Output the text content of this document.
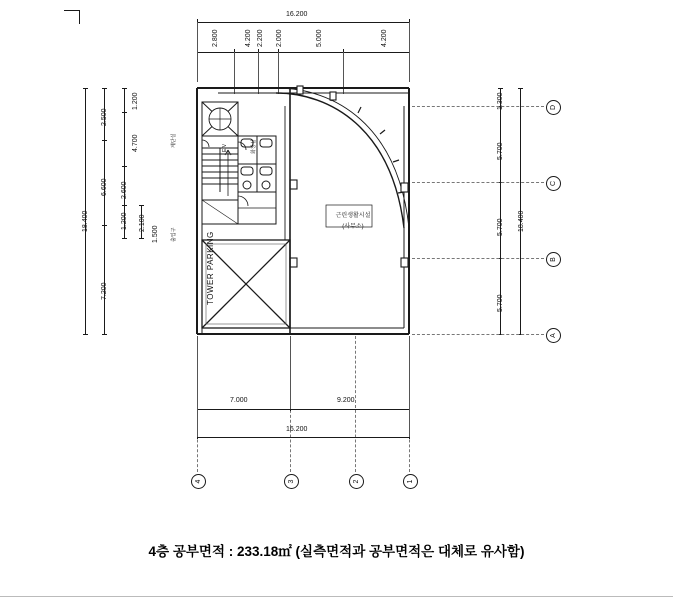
16.200
2.800	4.200 2.200 2.000	5.000	4.200
18.400
2.500
6.600
7.200
1.200
4.700
2.600
1.200 2.100
1.500
1.300
5.700
5.700
5.700
18.400
D
C
B
A
4	3	2	1
7.000	9.200
16.200
근린생활시설
(사무소)
TOWER PARKING
계단실	E/V	화장실
출입구
4층 공부면적 : 233.18㎡ (실측면적과 공부면적은 대체로 유사함)
